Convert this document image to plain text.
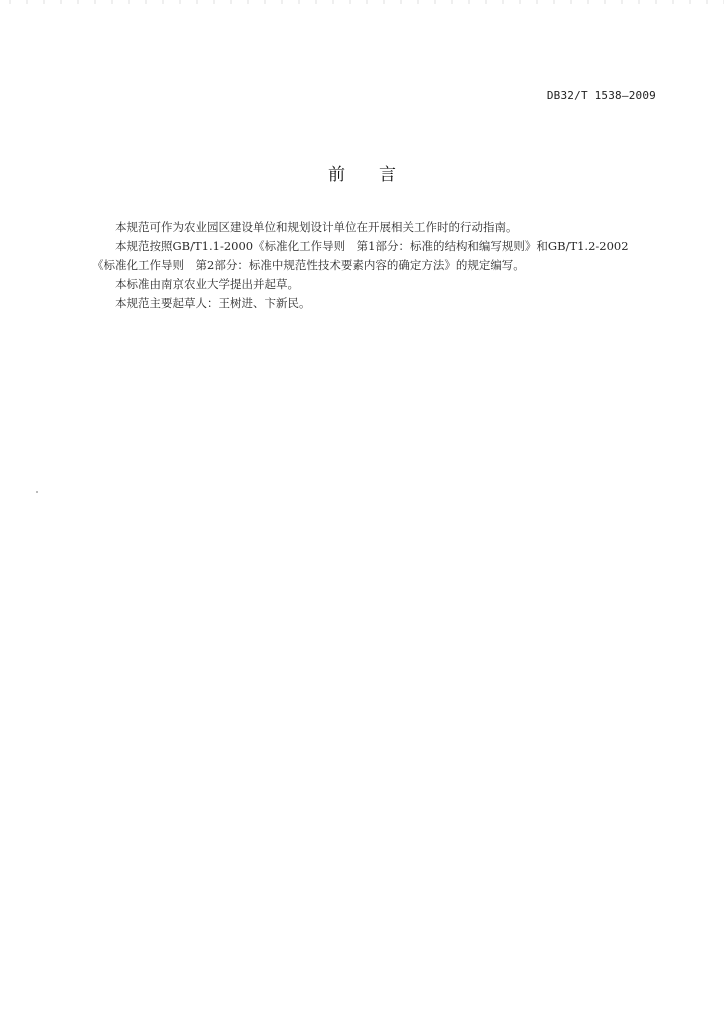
DB32/T 1538—2009
前言

本规范可作为农业园区建设单位和规划设计单位在开展相关工作时的行动指南。

本规范按照GB/T1.1-2000《标准化工作导则　第1部分：标准的结构和编写规则》和GB/T1.2-2002

《标准化工作导则　第2部分：标准中规范性技术要素内容的确定方法》的规定编写。

本标准由南京农业大学提出并起草。

本规范主要起草人：王树进、卞新民。
